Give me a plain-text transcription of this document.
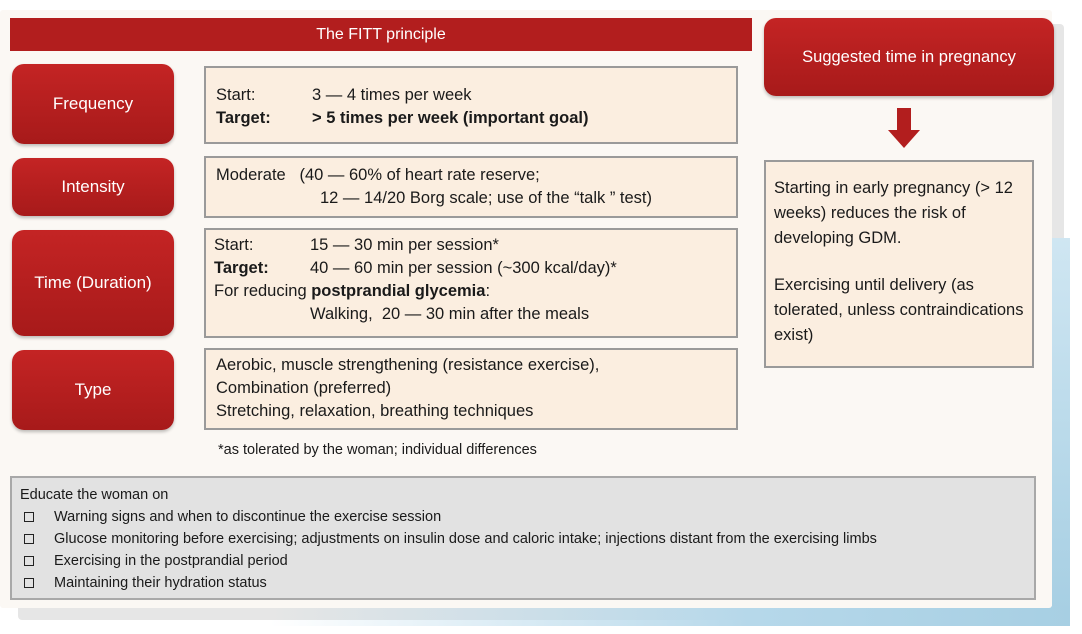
The FITT principle
Suggested time in pregnancy
Frequency	Start:	3 — 4 times per week
Target:	> 5 times per week (important goal)
Intensity
Moderate   (40 — 60% of heart rate reserve;
12 — 14/20 Borg scale; use of the “talk ” test)
Time (Duration)
Start:	15 — 30 min per session*
Target:	40 — 60 min per session (~300 kcal/day)*
For reducing postprandial glycemia:
Walking,  20 — 30 min after the meals
Type
Aerobic, muscle strengthening (resistance exercise),
Combination (preferred)
Stretching, relaxation, breathing techniques
*as tolerated by the woman; individual differences

Starting in early pregnancy (> 12 weeks) reduces the risk of developing GDM.

Exercising until delivery (as tolerated, unless contraindications exist)

Educate the woman on
Warning signs and when to discontinue the exercise session
Glucose monitoring before exercising; adjustments on insulin dose and caloric intake; injections distant from the exercising limbs
Exercising in the postprandial period
Maintaining their hydration status
